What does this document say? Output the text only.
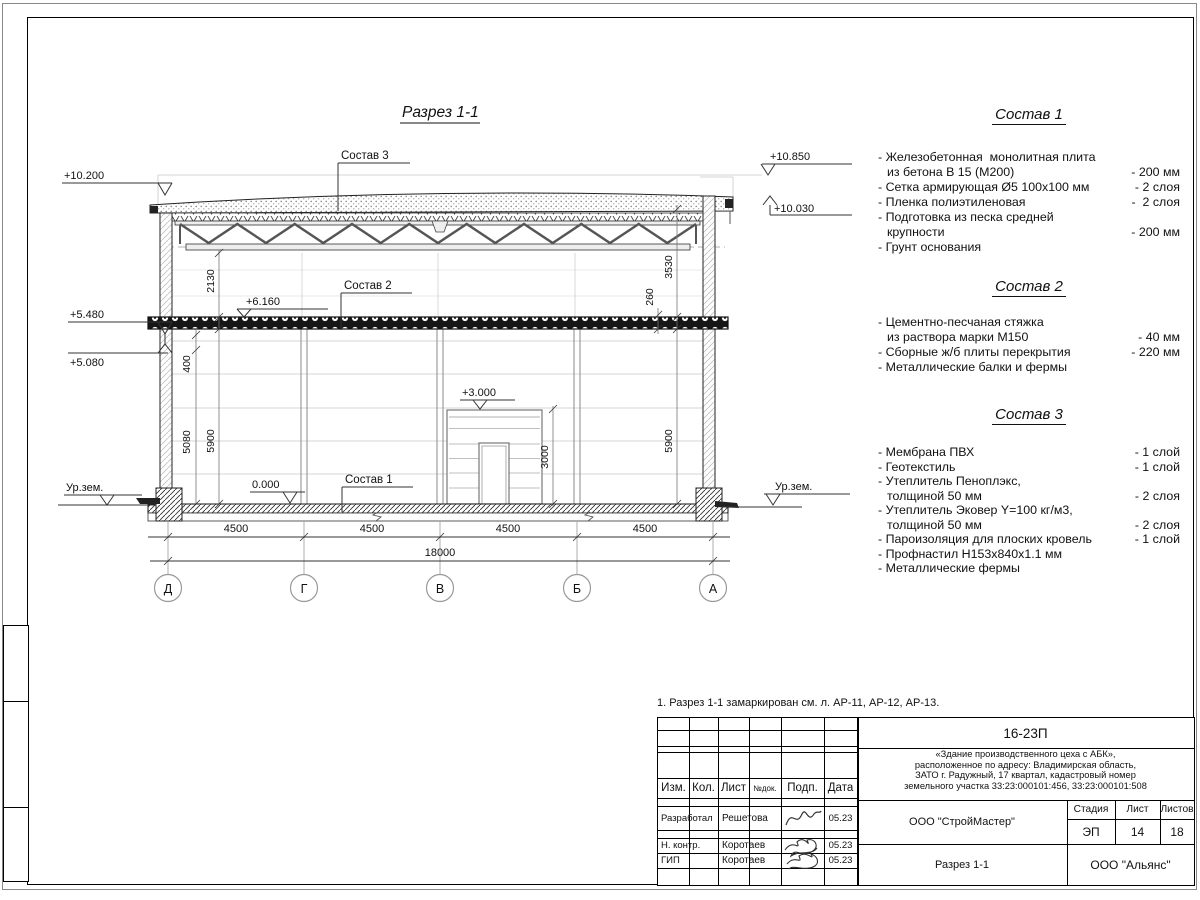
+10.200
+5.480
+5.080
0.000
Ур.зем.
+10.850
+10.030
Ур.зем.
+6.160
+3.000
Состав 3
Состав 2
Состав 1
400
5080
2130
5900
260
3530
5900
3000
4500	4500	4500	4500
18000
Д	Г	В	Б	А
Разрез 1-1	Состав 1
- Железобетонная  монолитная плита
из бетона В 15 (М200)	- 200 мм
- Сетка армирующая Ø5 100х100 мм	- 2 слоя
- Пленка полиэтиленовая	-  2 слоя
- Подготовка из песка средней
крупности	- 200 мм
- Грунт основания
Состав 2
- Цементно-песчаная стяжка
из раствора марки М150	- 40 мм
- Сборные ж/б плиты перекрытия	- 220 мм
- Металлические балки и фермы
Состав 3
- Мембрана ПВХ	- 1 слой
- Геотекстиль	- 1 слой
- Утеплитель Пеноплэкс,
толщиной 50 мм	- 2 слоя
- Утеплитель Эковер Y=100 кг/м3,
толщиной 50 мм	- 2 слоя
- Пароизоляция для плоских кровель	- 1 слой
- Профнастил Н153х840х1.1 мм
- Металлические фермы
1. Разрез 1-1 замаркирован см. л. АР-11, АР-12, АР-13.
Изм. Кол. Лист №док. Подп. Дата
Разработал Решетова	05.23
Н. контр. Коротаев	05.23
ГИП	Коротаев	05.23
16-23П
«Здание производственного цеха с АБК»,
расположенное по адресу: Владимирская область,
ЗАТО г. Радужный, 17 квартал, кадастровый номер
земельного участка 33:23:000101:456, 33:23:000101:508
ООО "СтройМастер"
Разрез 1-1
Стадия	Лист	Листов
ЭП	14	18
ООО "Альянс"
